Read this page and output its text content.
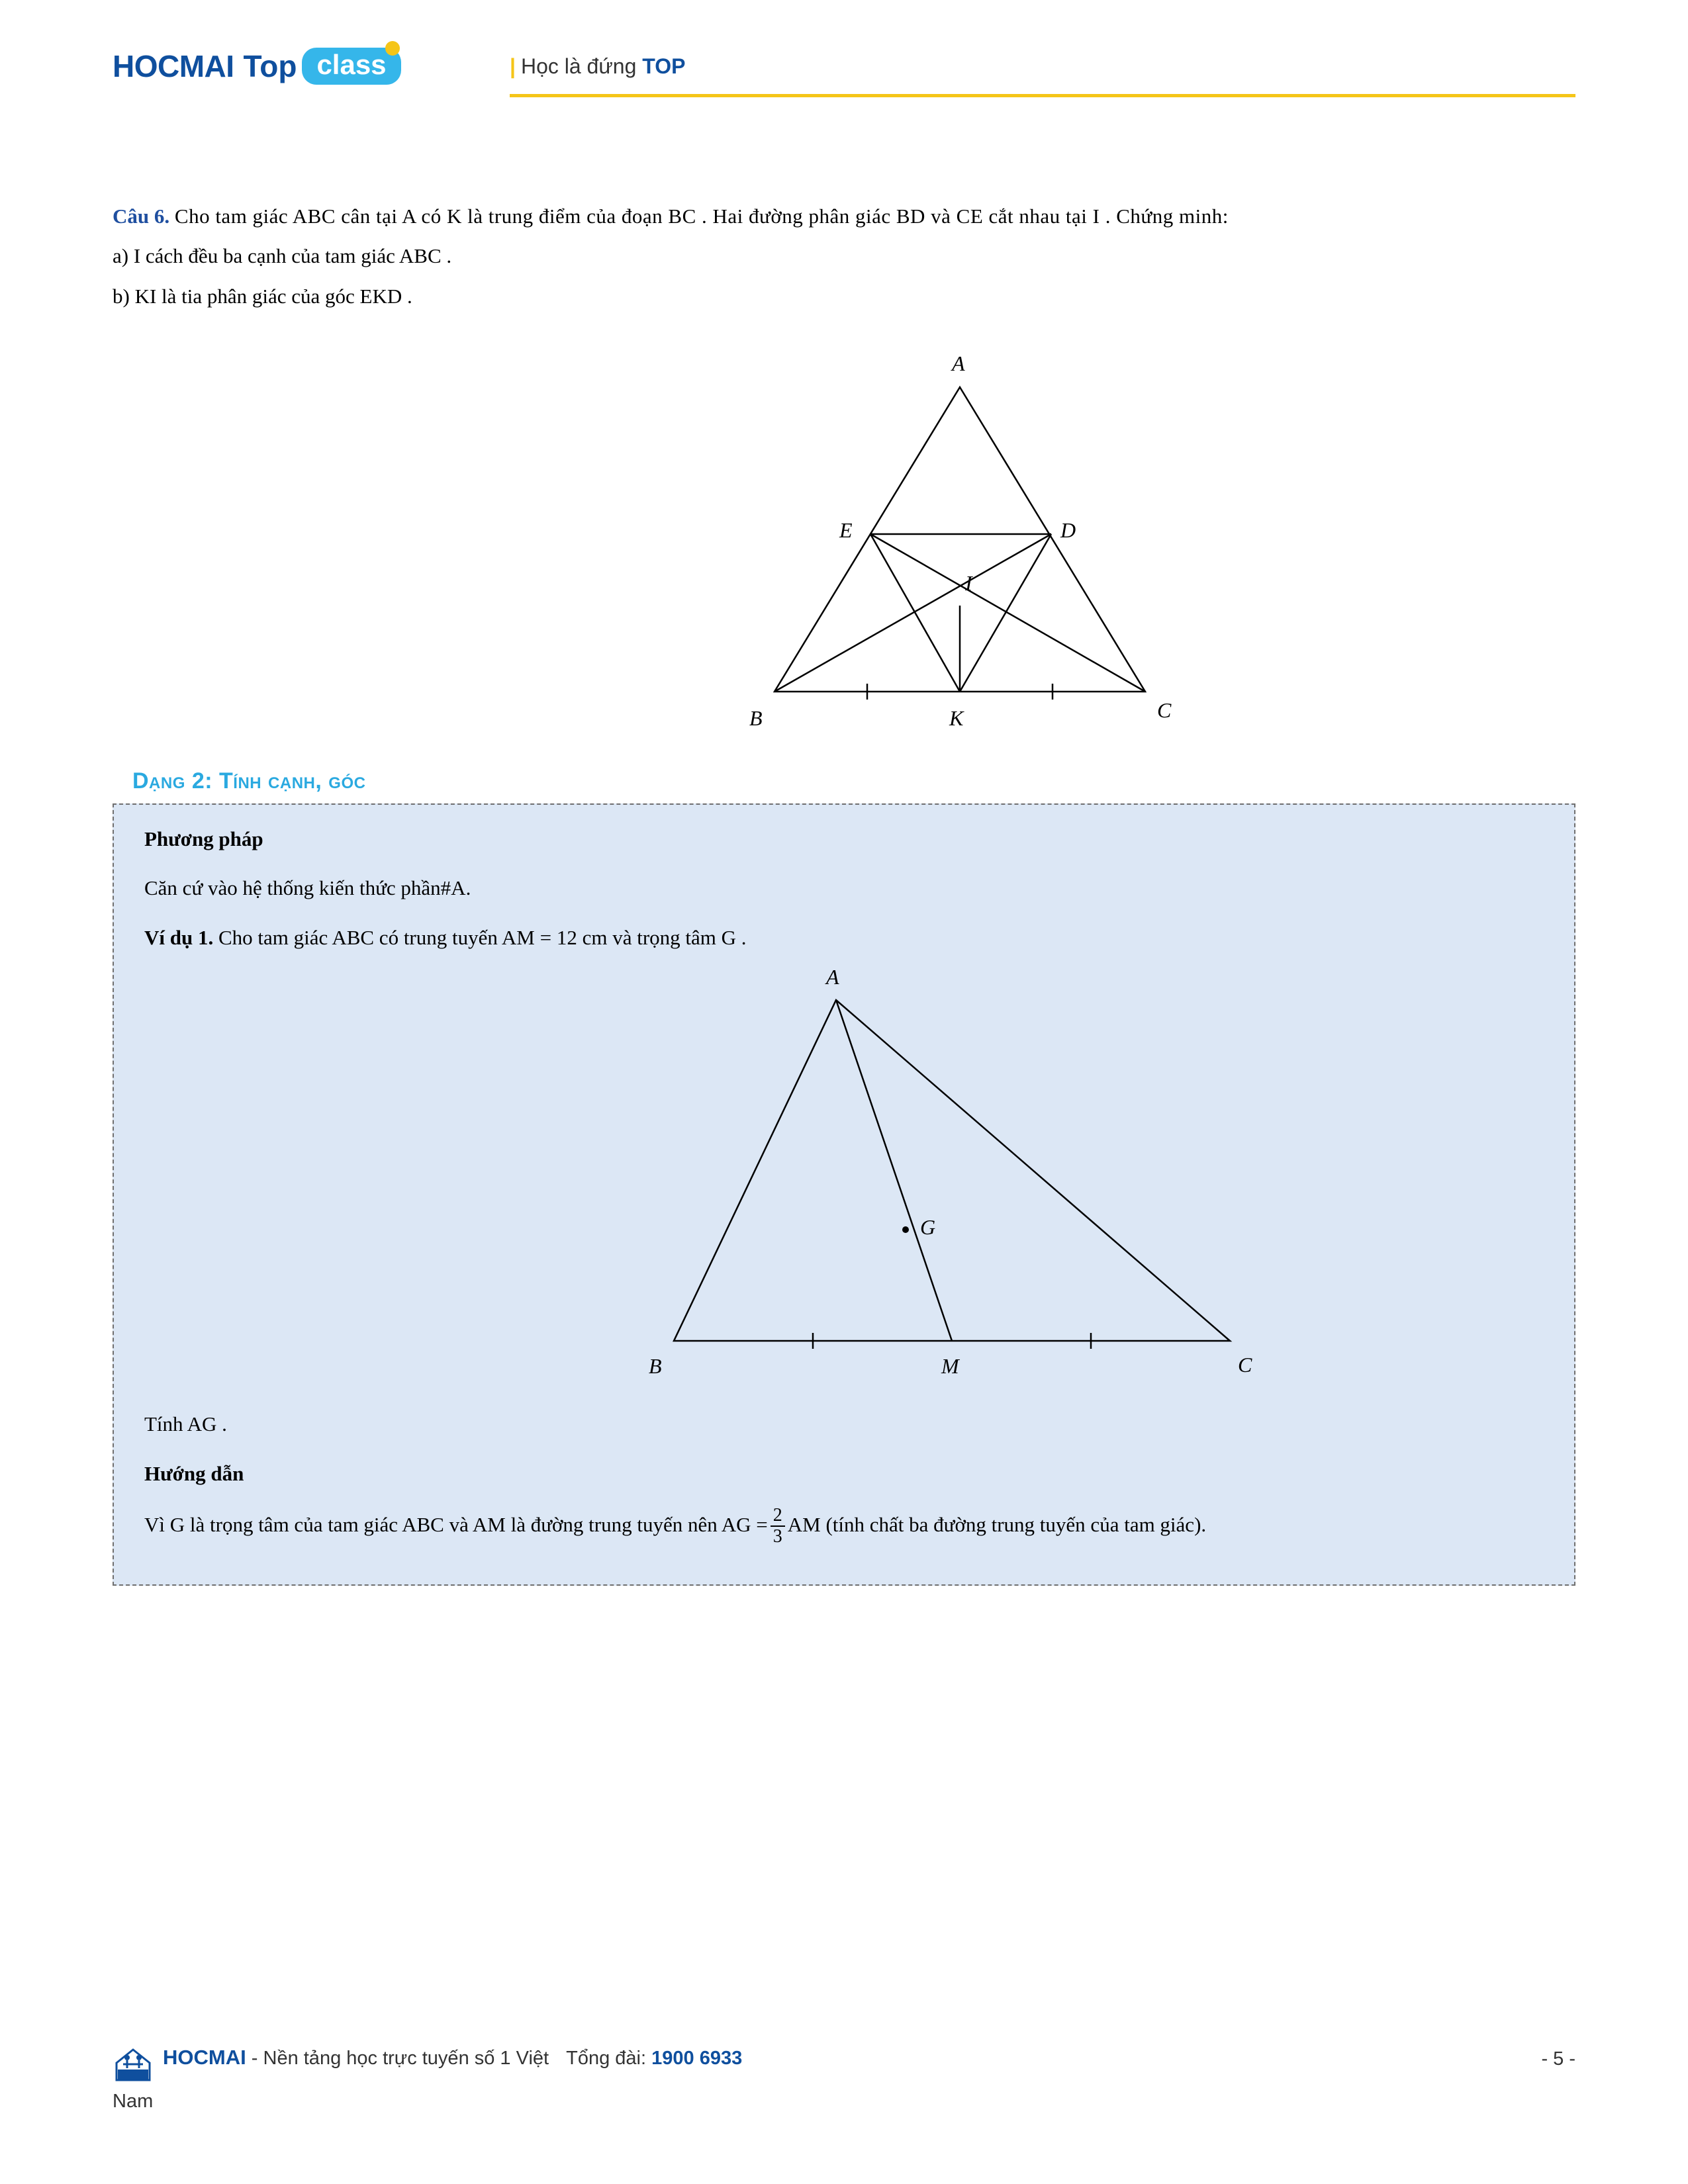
HOCMAI Top class	| Học là đứng TOP

Câu 6. Cho tam giác ABC cân tại A có K là trung điểm của đoạn BC . Hai đường phân giác BD và CE cắt nhau tại I . Chứng minh:

a) I cách đều ba cạnh của tam giác ABC .

b) KI là tia phân giác của góc EKD .

A
E	D
I
B	K	C
Dạng 2: Tính cạnh, góc

Phương pháp

Căn cứ vào hệ thống kiến thức phần#A.

Ví dụ 1. Cho tam giác ABC có trung tuyến AM = 12 cm và trọng tâm G .

A
G
B	M	C

Tính AG .

Hướng dẫn

Vì G là trọng tâm của tam giác ABC và AM là đường trung tuyến nên AG = $\frac{2}{3}$ AM (tính chất ba đường trung tuyến của tam giác).

HOCMAI - Nền tảng học trực tuyến số 1 Việt Tổng đài: 1900 6933
Nam
- 5 -
